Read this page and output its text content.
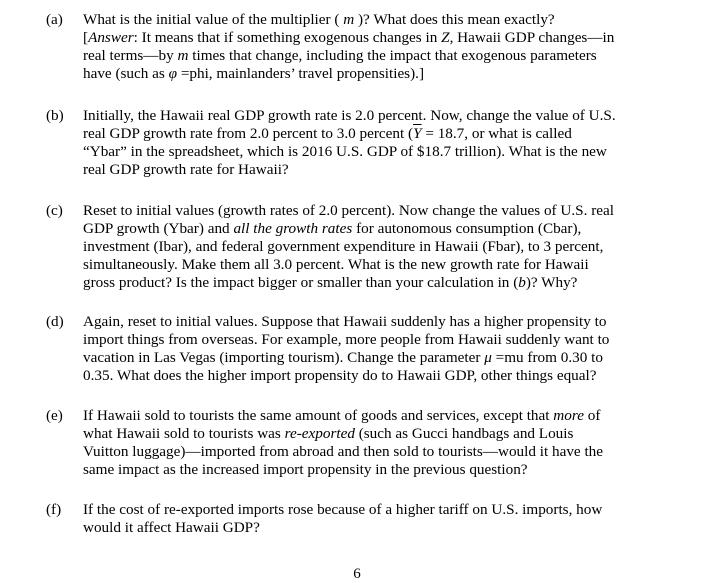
(a)	What is the initial value of the multiplier ( m )? What does this mean exactly?
[Answer: It means that if something exogenous changes in Z, Hawaii GDP changes—in
real terms—by m times that change, including the impact that exogenous parameters
have (such as φ =phi, mainlanders’ travel propensities).]
(b)	Initially, the Hawaii real GDP growth rate is 2.0 percent. Now, change the value of U.S.
real GDP growth rate from 2.0 percent to 3.0 percent ($\overline{Y} = 18.7$, or what is called
“Ybar” in the spreadsheet, which is 2016 U.S. GDP of $18.7 trillion). What is the new
real GDP growth rate for Hawaii?
(c)	Reset to initial values (growth rates of 2.0 percent). Now change the values of U.S. real
GDP growth (Ybar) and all the growth rates for autonomous consumption (Cbar),
investment (Ibar), and federal government expenditure in Hawaii (Fbar), to 3 percent,
simultaneously. Make them all 3.0 percent. What is the new growth rate for Hawaii
gross product? Is the impact bigger or smaller than your calculation in (b)? Why?
(d)	Again, reset to initial values. Suppose that Hawaii suddenly has a higher propensity to
import things from overseas. For example, more people from Hawaii suddenly want to
vacation in Las Vegas (importing tourism). Change the parameter μ =mu from 0.30 to
0.35. What does the higher import propensity do to Hawaii GDP, other things equal?
(e)	If Hawaii sold to tourists the same amount of goods and services, except that more of
what Hawaii sold to tourists was re-exported (such as Gucci handbags and Louis
Vuitton luggage)—imported from abroad and then sold to tourists—would it have the
same impact as the increased import propensity in the previous question?
(f)	If the cost of re-exported imports rose because of a higher tariff on U.S. imports, how
would it affect Hawaii GDP?
6
